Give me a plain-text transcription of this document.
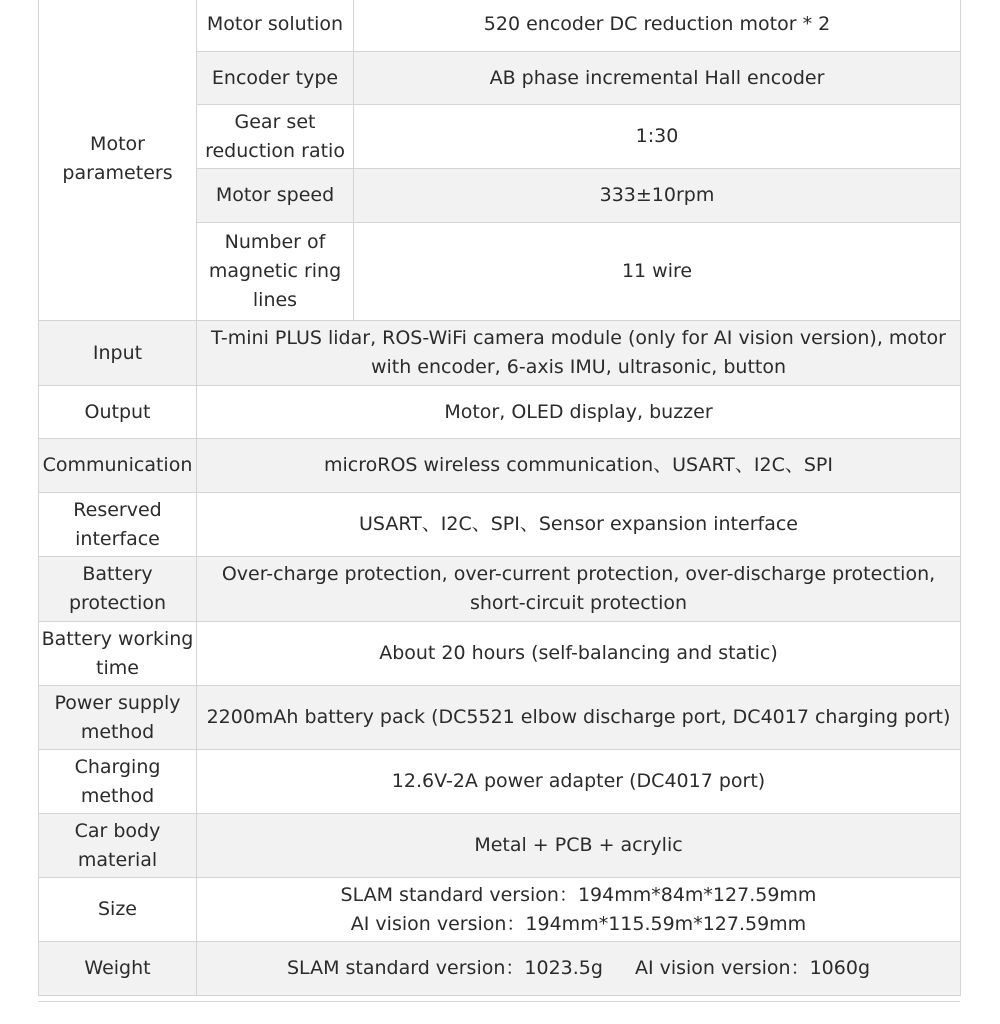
Motor parameters	Motor solution	520 encoder DC reduction motor * 2
	Encoder type	AB phase incremental Hall encoder
	Gear set reduction ratio	1:30
	Motor speed	333±10rpm
	Number of magnetic ring lines	11 wire
Input	T-mini PLUS lidar, ROS-WiFi camera module (only for AI vision version), motor with encoder, 6-axis IMU, ultrasonic, button	
Output	Motor, OLED display, buzzer	
Communication	microROS wireless communication、USART、I2C、SPI	
Reserved interface	USART、I2C、SPI、Sensor expansion interface	
Battery protection	Over-charge protection, over-current protection, over-discharge protection, short-circuit protection	
Battery working time	About 20 hours (self-balancing and static)	
Power supply method	2200mAh battery pack (DC5521 elbow discharge port, DC4017 charging port)	
Charging method	12.6V-2A power adapter (DC4017 port)	
Car body material	Metal + PCB + acrylic	
Size	SLAM standard version：194mm*84m*127.59mm
AI vision version：194mm*115.59m*127.59mm	

Weight	SLAM standard version：1023.5g AI vision version：1060g	
